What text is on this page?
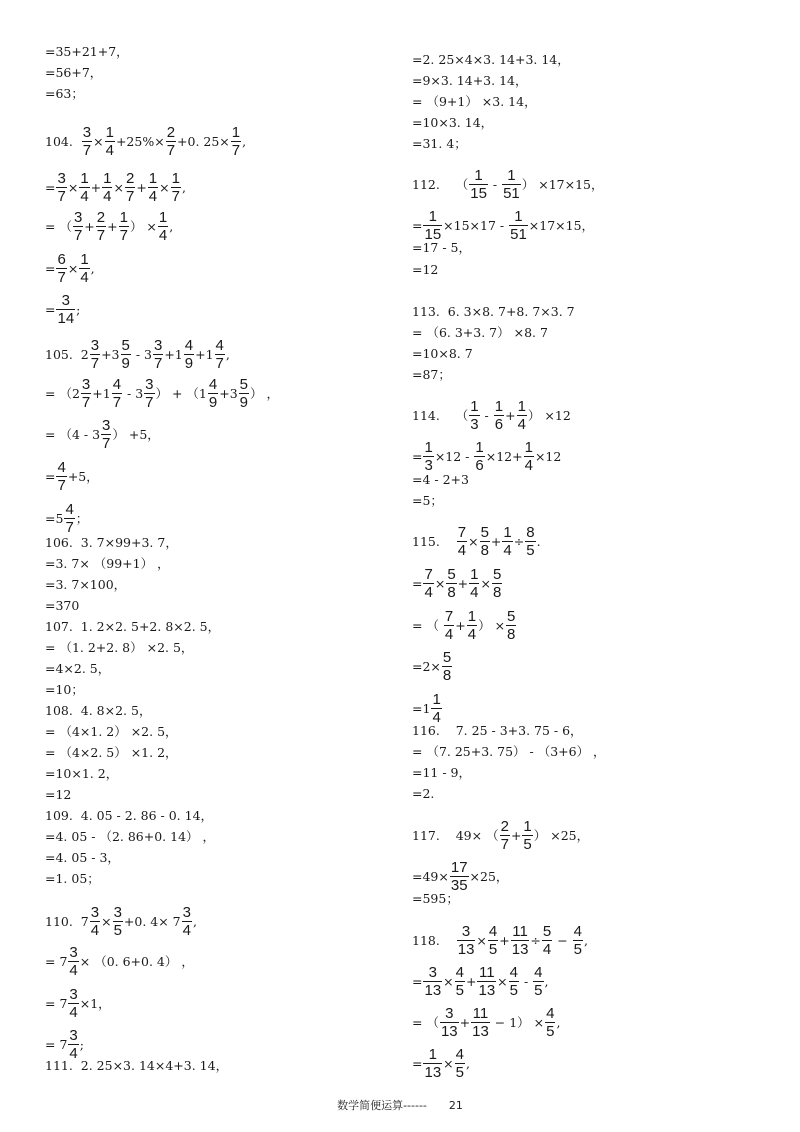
=35+21+7，
=56+7，
=63；
104. $\frac{3}{7} \times \frac{1}{4} +25\%\times \frac{2}{7} +0$. $25\times \frac{1}{7}$ ,
= $\frac{3}{7} \times \frac{1}{4} + \frac{1}{4} \times \frac{2}{7} + \frac{1}{4} \times \frac{1}{7}$ ,
= （ $\frac{3}{7} + \frac{2}{7} + \frac{1}{7}$ ） × $\frac{1}{4}$ ,
= $\frac{6}{7} \times \frac{1}{4}$ ,
= $\frac{3}{14}$ ;
105.  $2 \frac{3}{7} +3 \frac{5}{9} - 3 \frac{3}{7} +1 \frac{4}{9} +1 \frac{4}{7}$ ,
= （$2 \frac{3}{7} +1 \frac{4}{7} - 3 \frac{3}{7}$ ） + （$1 \frac{4}{9} +3 \frac{5}{9}$ ） ，
= （$4 - 3 \frac{3}{7}$ ） +5，
= $\frac{4}{7} +5$，
$=5 \frac{4}{7}$ ；
106.  3. 7×99+3. 7，
=3. 7× （99+1） ，
=3. 7×100，
=370
107.  1. 2×2. 5+2. 8×2. 5，
= （1. 2+2. 8） ×2. 5，
=4×2. 5，
=10；
108.  4. 8×2. 5，
= （4×1. 2） ×2. 5，
= （4×2. 5） ×1. 2，
=10×1. 2，
=12
109.  4. 05 - 2. 86 - 0. 14，
=4. 05 - （2. 86+0. 14） ，
=4. 05 - 3，
=1. 05；
110.  $7 \frac{3}{4} \times \frac{3}{5} +0$. $4\times 7 \frac{3}{4}$ ,
= $7 \frac{3}{4} \times (0$. 6+0. 4） ，
= $7 \frac{3}{4} \times 1$，
= $7 \frac{3}{4}$ ;
111.  2. 25×3. 14×4+3. 14，
=2. 25×4×3. 14+3. 14，
=9×3. 14+3. 14，
= （9+1） ×3. 14，
=10×3. 14，
=31. 4；
112.    （ $\frac{1}{15} - \frac{1}{51}$ ） ×17×15，
= $\frac{1}{15} \times 15\times 17 - \frac{1}{51} \times 17\times 15$，
=17 - 5，
=12
113.  6. 3×8. 7+8. 7×3. 7
= （6. 3+3. 7） ×8. 7
=10×8. 7
=87；
114.    （ $\frac{1}{3} - \frac{1}{6} + \frac{1}{4}$ ） ×12
= $\frac{1}{3} \times 12 - \frac{1}{6} \times 12+ \frac{1}{4} \times 12$
=4 - 2+3
=5；
115. $\frac{7}{4} \times \frac{5}{8} + \frac{1}{4} \div \frac{8}{5}$ .
= $\frac{7}{4} \times \frac{5}{8} + \frac{1}{4} \times \frac{5}{8}$
= （ $\frac{7}{4} + \frac{1}{4}$ ） × $\frac{5}{8}$
$=2\times \frac{5}{8}$
$=1 \frac{1}{4}$
116.    7. 25 - 3+3. 75 - 6，
= （7. 25+3. 75） - （3+6） ，
=11 - 9，
=2.
117.    49× （ $\frac{2}{7} + \frac{1}{5}$ ） ×25，
$=49\times \frac{17}{35} \times 25$，
=595；
118. $\frac{3}{13} \times \frac{4}{5} + \frac{11}{13} \div \frac{5}{4} - \frac{4}{5}$ ,
= $\frac{3}{13} \times \frac{4}{5} + \frac{11}{13} \times \frac{4}{5} - \frac{4}{5}$ ,
= （ $\frac{3}{13} + \frac{11}{13} - 1) \times \frac{4}{5}$ ,
= $\frac{1}{13} \times \frac{4}{5}$ ,
数学简便运算------ 21
